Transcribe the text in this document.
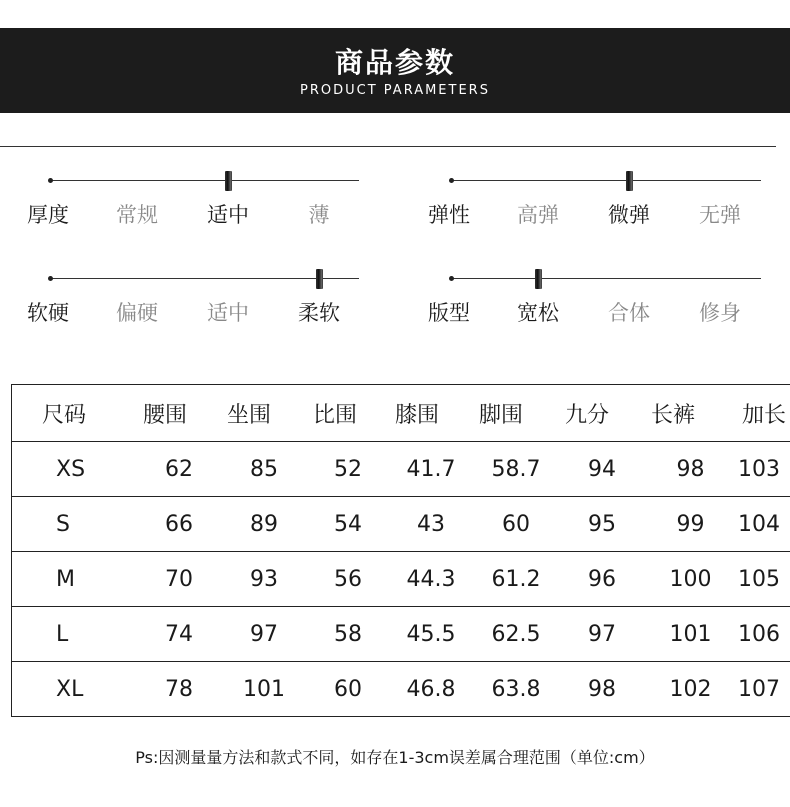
商品参数
PRODUCT PARAMETERS
厚度 常规 适中	薄	弹性 高弹 微弹 无弹
软硬 偏硬 适中 柔软	版型 宽松 合体 修身
尺码	腰围	坐围	比围	膝围	脚围	九分	长裤	加长
XS	62	85	52	41.7	58.7	94	98	103
S	66	89	54	43	60	95	99	104
M	70	93	56	44.3	61.2	96	100	105
L	74	97	58	45.5	62.5	97	101	106
XL	78	101	60	46.8	63.8	98	102	107
Ps:因测量量方法和款式不同，如存在1-3cm误差属合理范围（单位:cm）
